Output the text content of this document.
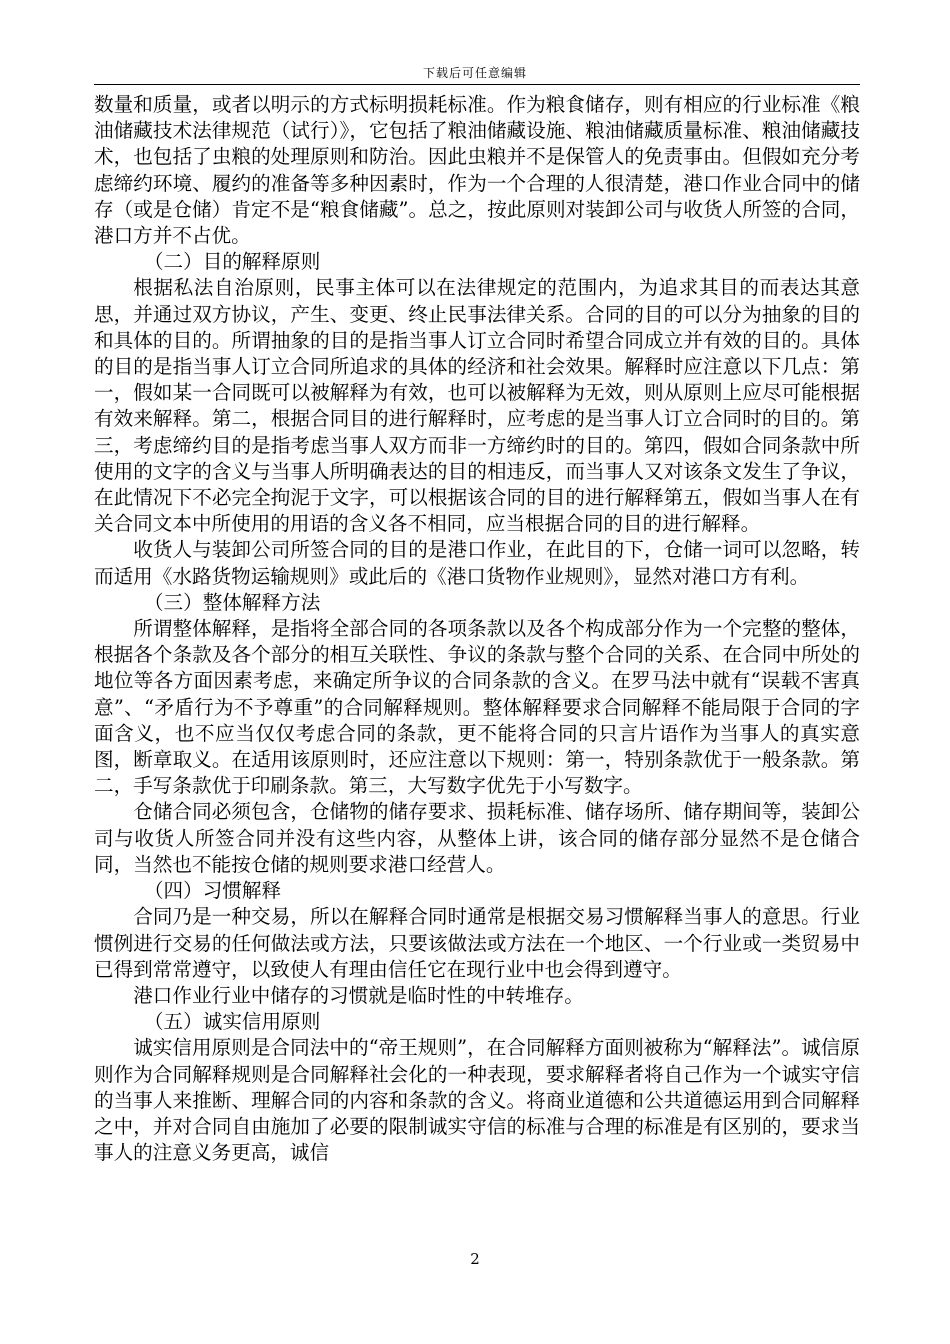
下载后可任意编辑

数量和质量，或者以明示的方式标明损耗标准。作为粮食储存，则有相应的行业标准《粮油储藏技术法律规范（试行）》，它包括了粮油储藏设施、粮油储藏质量标准、粮油储藏技术，也包括了虫粮的处理原则和防治。因此虫粮并不是保管人的免责事由。但假如充分考虑缔约环境、履约的准备等多种因素时，作为一个合理的人很清楚，港口作业合同中的储存（或是仓储）肯定不是“粮食储藏”。总之，按此原则对装卸公司与收货人所签的合同，港口方并不占优。

（二）目的解释原则

根据私法自治原则，民事主体可以在法律规定的范围内，为追求其目的而表达其意思，并通过双方协议，产生、变更、终止民事法律关系。合同的目的可以分为抽象的目的和具体的目的。所谓抽象的目的是指当事人订立合同时希望合同成立并有效的目的。具体的目的是指当事人订立合同所追求的具体的经济和社会效果。解释时应注意以下几点：第一，假如某一合同既可以被解释为有效，也可以被解释为无效，则从原则上应尽可能根据有效来解释。第二，根据合同目的进行解释时，应考虑的是当事人订立合同时的目的。第三，考虑缔约目的是指考虑当事人双方而非一方缔约时的目的。第四，假如合同条款中所使用的文字的含义与当事人所明确表达的目的相违反，而当事人又对该条文发生了争议，在此情况下不必完全拘泥于文字，可以根据该合同的目的进行解释第五，假如当事人在有关合同文本中所使用的用语的含义各不相同，应当根据合同的目的进行解释。

收货人与装卸公司所签合同的目的是港口作业，在此目的下，仓储一词可以忽略，转而适用《水路货物运输规则》或此后的《港口货物作业规则》，显然对港口方有利。

（三）整体解释方法

所谓整体解释，是指将全部合同的各项条款以及各个构成部分作为一个完整的整体，根据各个条款及各个部分的相互关联性、争议的条款与整个合同的关系、在合同中所处的地位等各方面因素考虑，来确定所争议的合同条款的含义。在罗马法中就有“误载不害真意”、“矛盾行为不予尊重”的合同解释规则。整体解释要求合同解释不能局限于合同的字面含义，也不应当仅仅考虑合同的条款，更不能将合同的只言片语作为当事人的真实意图，断章取义。在适用该原则时，还应注意以下规则：第一，特别条款优于一般条款。第二，手写条款优于印刷条款。第三，大写数字优先于小写数字。

仓储合同必须包含，仓储物的储存要求、损耗标准、储存场所、储存期间等，装卸公司与收货人所签合同并没有这些内容，从整体上讲，该合同的储存部分显然不是仓储合同，当然也不能按仓储的规则要求港口经营人。

（四）习惯解释

合同乃是一种交易，所以在解释合同时通常是根据交易习惯解释当事人的意思。行业惯例进行交易的任何做法或方法，只要该做法或方法在一个地区、一个行业或一类贸易中已得到常常遵守，以致使人有理由信任它在现行业中也会得到遵守。

港口作业行业中储存的习惯就是临时性的中转堆存。

（五）诚实信用原则

诚实信用原则是合同法中的“帝王规则”，在合同解释方面则被称为“解释法”。诚信原则作为合同解释规则是合同解释社会化的一种表现，要求解释者将自己作为一个诚实守信的当事人来推断、理解合同的内容和条款的含义。将商业道德和公共道德运用到合同解释之中，并对合同自由施加了必要的限制诚实守信的标准与合理的标准是有区别的，要求当事人的注意义务更高，诚信

2
